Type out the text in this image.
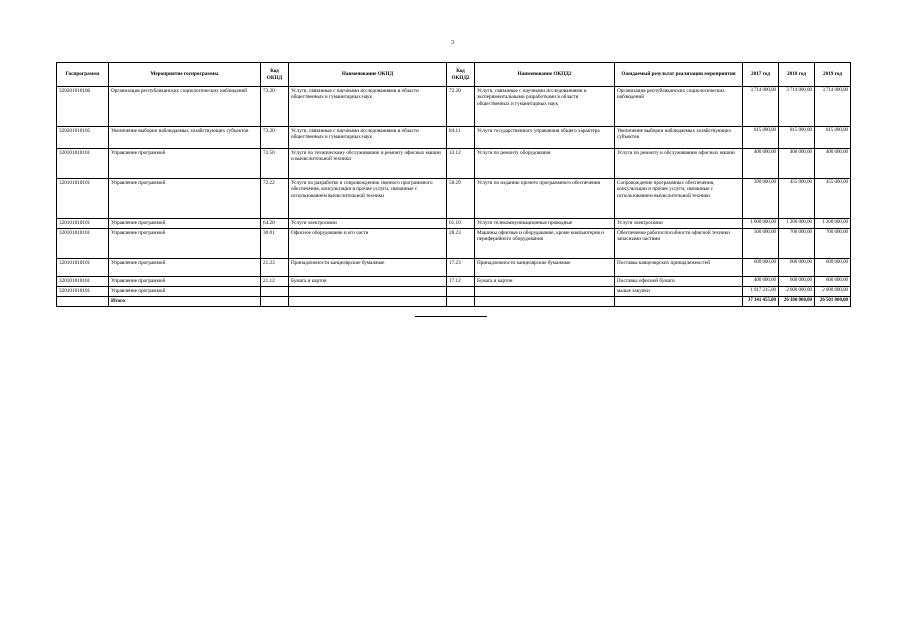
3
Госпрограмма	Мероприятие госпрограммы	Код ОКПД	Наименование ОКПД	Код ОКПД2	Наименование ОКПД2	Ожидаемый результат реализации мероприятия	2017 год	2018 год	2019 год
320201010106	Организация республиканских социологических наблюдений	73.20	Услуги, связанные с научными исследованиями в области общественных и гуманитарных наук	72.20	Услуги, связанные с научными исследованиями и экспериментальными разработками в области общественных и гуманитарных наук	Организация республиканских социологических наблюдений	3 714 000,00	3 714 000,00	3 714 000,00
320201010105	Увеличение выборки наблюдаемых хозяйствующих субъектов	73.20	Услуги, связанные с научными исследованиями в области общественных и гуманитарных наук	84.11	Услуги государственного управления общего характера	Увеличение выборки наблюдаемых хозяйствующих субъектов	815 000,00	815 000,00	815 000,00
320101010101	Управление программой	72.50	Услуги по техническому обслуживанию и ремонту офисных машин и вычислительной техники	33.12	Услуги по ремонту оборудования	Услуги по ремонту и обслуживанию офисных машин	400 000,00	400 000,00	400 000,00
320101010101	Управление программой	72.22	Услуги по разработке и сопровождению связного программного обеспечения, консультации в прочие услуги, связанные с использованием вычислительной техники	58.29	Услуги по изданию прочего программного обеспечения	Сопровождение программных обеспечения, консультации и прочие услуги, связанные с использованием вычислительной техники	390 000,00	455 000,00	455 000,00
320101010101	Управление программой	64.20	Услуги электросвязи	61.10	Услуги телекоммуникационные проводные	Услуги электросвязи	1 000 000,00	1 200 000,00	1 200 000,00
320101010101	Управление программой	30.01	Офисное оборудование и его части	28.23	Машины офисные и оборудование, кроме компьютеров и периферийного оборудования	Обеспечение работоспособности офисной техники запасными частями	500 000,00	700 000,00	700 000,00
320101010101	Управление программой	21.23	Принадлежности канцелярские бумажные	17.23	Принадлежности канцелярские бумажные	Поставка канцелярских принадлежностей	600 000,00	600 000,00	600 000,00
320101010101	Управление программой	21.12	Бумага и картон	17.12	Бумага и картон	Поставка офисной бумаги	400 000,00	600 000,00	600 000,00
320101010101	Управление программой					малые закупки	1 917 215,00	2 000 000,00	2 000 000,00
	Итого						37 141 455,00	26 180 000,00	26 501 000,00
